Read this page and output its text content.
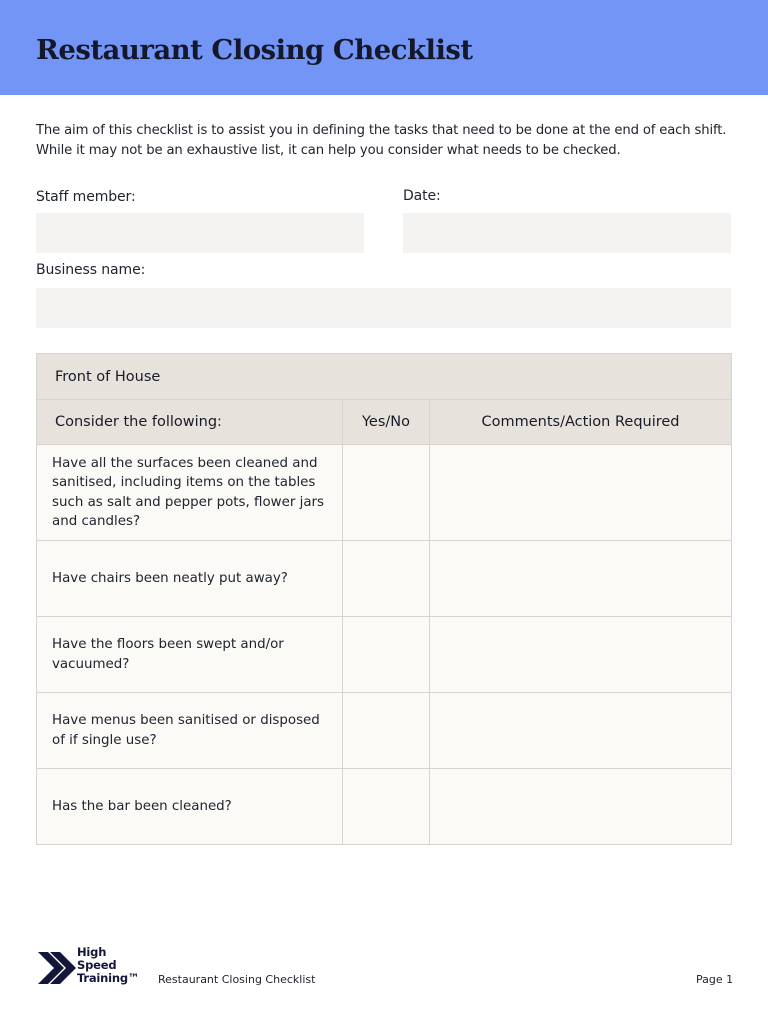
Restaurant Closing Checklist

The aim of this checklist is to assist you in defining the tasks that need to be done at the end of each shift. While it may not be an exhaustive list, it can help you consider what needs to be checked.

Staff member:	Date:
Business name:
Front of House		
Consider the following:	Yes/No	Comments/Action Required
Have all the surfaces been cleaned and sanitised, including items on the tables such as salt and pepper pots, flower jars and candles?		
Have chairs been neatly put away?		
Have the floors been swept and/or vacuumed?		
Have menus been sanitised or disposed of if single use?		
Has the bar been cleaned?		
High
Speed
Training™ Restaurant Closing Checklist	Page 1
